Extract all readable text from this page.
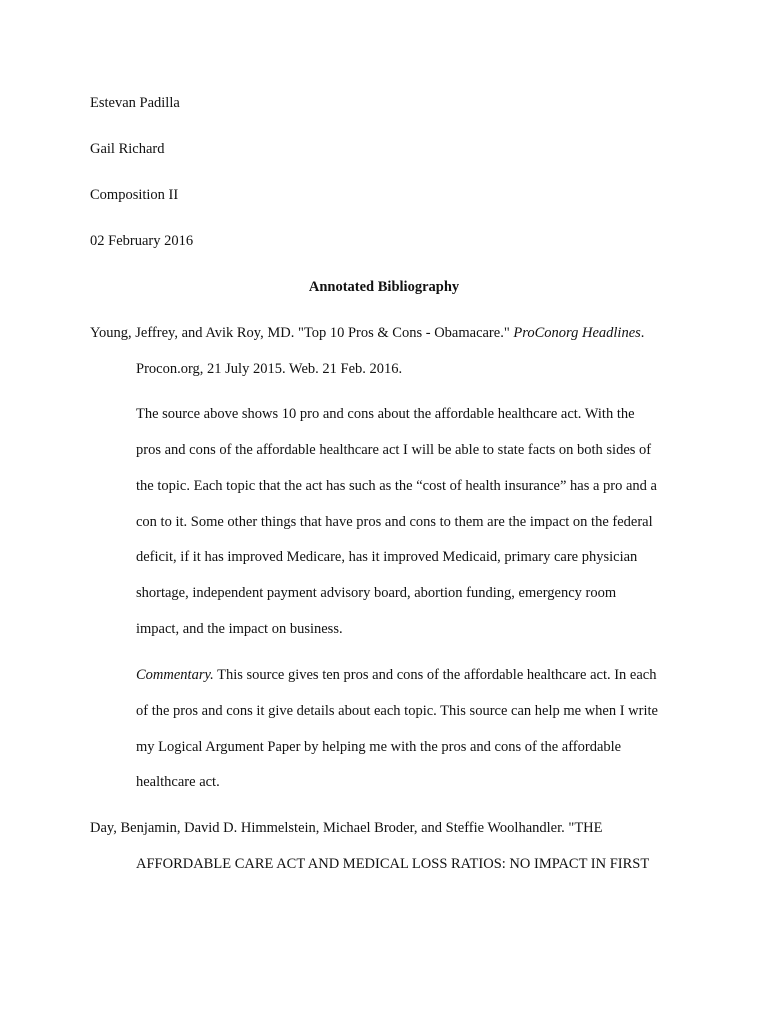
Estevan Padilla
Gail Richard
Composition II
02 February 2016
Annotated Bibliography
Young, Jeffrey, and Avik Roy, MD. "Top 10 Pros & Cons - Obamacare." ProConorg Headlines.
Procon.org, 21 July 2015. Web. 21 Feb. 2016.
The source above shows 10 pro and cons about the affordable healthcare act. With the
pros and cons of the affordable healthcare act I will be able to state facts on both sides of
the topic. Each topic that the act has such as the “cost of health insurance” has a pro and a
con to it. Some other things that have pros and cons to them are the impact on the federal
deficit, if it has improved Medicare, has it improved Medicaid, primary care physician
shortage, independent payment advisory board, abortion funding, emergency room
impact, and the impact on business.
Commentary. This source gives ten pros and cons of the affordable healthcare act. In each
of the pros and cons it give details about each topic. This source can help me when I write
my Logical Argument Paper by helping me with the pros and cons of the affordable
healthcare act.
Day, Benjamin, David D. Himmelstein, Michael Broder, and Steffie Woolhandler. "THE
AFFORDABLE CARE ACT AND MEDICAL LOSS RATIOS: NO IMPACT IN FIRST
